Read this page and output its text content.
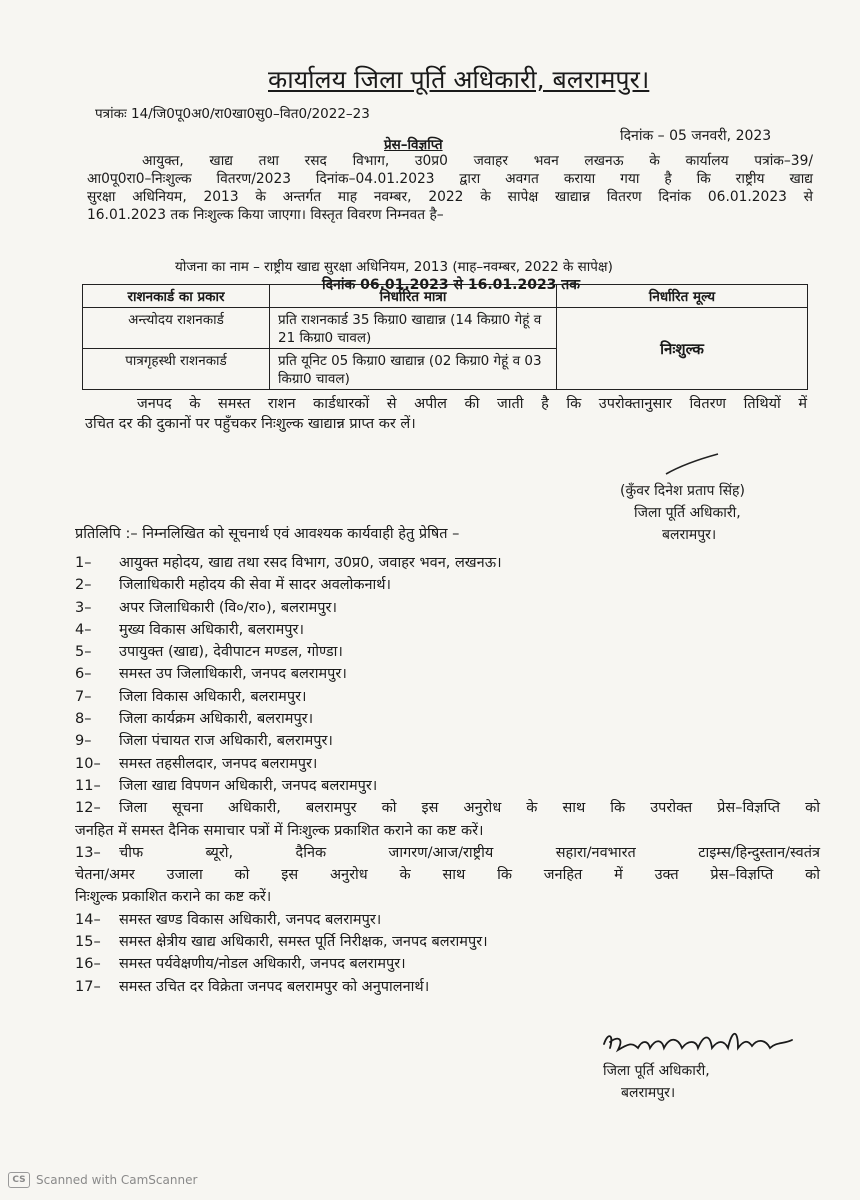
कार्यालय जिला पूर्ति अधिकारी, बलरामपुर।
पत्रांकः 14/जि0पू0अ0/रा0खा0सु0–वित0/2022–23
दिनांक – 05 जनवरी, 2023
प्रेस–विज्ञप्ति
आयुक्त, खाद्य तथा रसद विभाग, उ0प्र0 जवाहर भवन लखनऊ के कार्यालय पत्रांक–39/
आ0पू0रा0–निःशुल्क वितरण/2023 दिनांक–04.01.2023 द्वारा अवगत कराया गया है कि राष्ट्रीय खाद्य
सुरक्षा अधिनियम, 2013 के अन्तर्गत माह नवम्बर, 2022 के सापेक्ष खाद्यान्न वितरण दिनांक 06.01.2023 से
16.01.2023 तक निःशुल्क किया जाएगा। विस्तृत विवरण निम्नवत है–
योजना का नाम – राष्ट्रीय खाद्य सुरक्षा अधिनियम, 2013 (माह–नवम्बर, 2022 के सापेक्ष)
दिनांक 06.01.2023 से 16.01.2023 तक
राशनकार्ड का प्रकार	निर्धारित मात्रा	निर्धारित मूल्य
अन्त्योदय राशनकार्ड	प्रति राशनकार्ड 35 किग्रा0 खाद्यान्न (14 किग्रा0 गेहूं व 21 किग्रा0 चावल)	निःशुल्क
पात्रगृहस्थी राशनकार्ड	प्रति यूनिट 05 किग्रा0 खाद्यान्न (02 किग्रा0 गेहूं व 03 किग्रा0 चावल)	
जनपद के समस्त राशन कार्डधारकों से अपील की जाती है कि उपरोक्तानुसार वितरण तिथियों में
उचित दर की दुकानों पर पहुँचकर निःशुल्क खाद्यान्न प्राप्त कर लें।
(कुँवर दिनेश प्रताप सिंह)
जिला पूर्ति अधिकारी,
बलरामपुर।
प्रतिलिपि :– निम्नलिखित को सूचनार्थ एवं आवश्यक कार्यवाही हेतु प्रेषित –
1–	आयुक्त महोदय, खाद्य तथा रसद विभाग, उ0प्र0, जवाहर भवन, लखनऊ।
2–	जिलाधिकारी महोदय की सेवा में सादर अवलोकनार्थ।
3–	अपर जिलाधिकारी (वि०/रा०), बलरामपुर।
4–	मुख्य विकास अधिकारी, बलरामपुर।
5–	उपायुक्त (खाद्य), देवीपाटन मण्डल, गोण्डा।
6–	समस्त उप जिलाधिकारी, जनपद बलरामपुर।
7–	जिला विकास अधिकारी, बलरामपुर।
8–	जिला कार्यक्रम अधिकारी, बलरामपुर।
9–	जिला पंचायत राज अधिकारी, बलरामपुर।
10–	समस्त तहसीलदार, जनपद बलरामपुर।
11–	जिला खाद्य विपणन अधिकारी, जनपद बलरामपुर।
12–	जिला सूचना अधिकारी, बलरामपुर को इस अनुरोध के साथ कि उपरोक्त प्रेस–विज्ञप्ति को
जनहित में समस्त दैनिक समाचार पत्रों में निःशुल्क प्रकाशित कराने का कष्ट करें।
13–	चीफ ब्यूरो, दैनिक जागरण/आज/राष्ट्रीय सहारा/नवभारत टाइम्स/हिन्दुस्तान/स्वतंत्र
चेतना/अमर उजाला को इस अनुरोध के साथ कि जनहित में उक्त प्रेस–विज्ञप्ति को
निःशुल्क प्रकाशित कराने का कष्ट करें।
14–	समस्त खण्ड विकास अधिकारी, जनपद बलरामपुर।
15–	समस्त क्षेत्रीय खाद्य अधिकारी, समस्त पूर्ति निरीक्षक, जनपद बलरामपुर।
16–	समस्त पर्यवेक्षणीय/नोडल अधिकारी, जनपद बलरामपुर।
17–	समस्त उचित दर विक्रेता जनपद बलरामपुर को अनुपालनार्थ।
जिला पूर्ति अधिकारी,
बलरामपुर।
CS Scanned with CamScanner
